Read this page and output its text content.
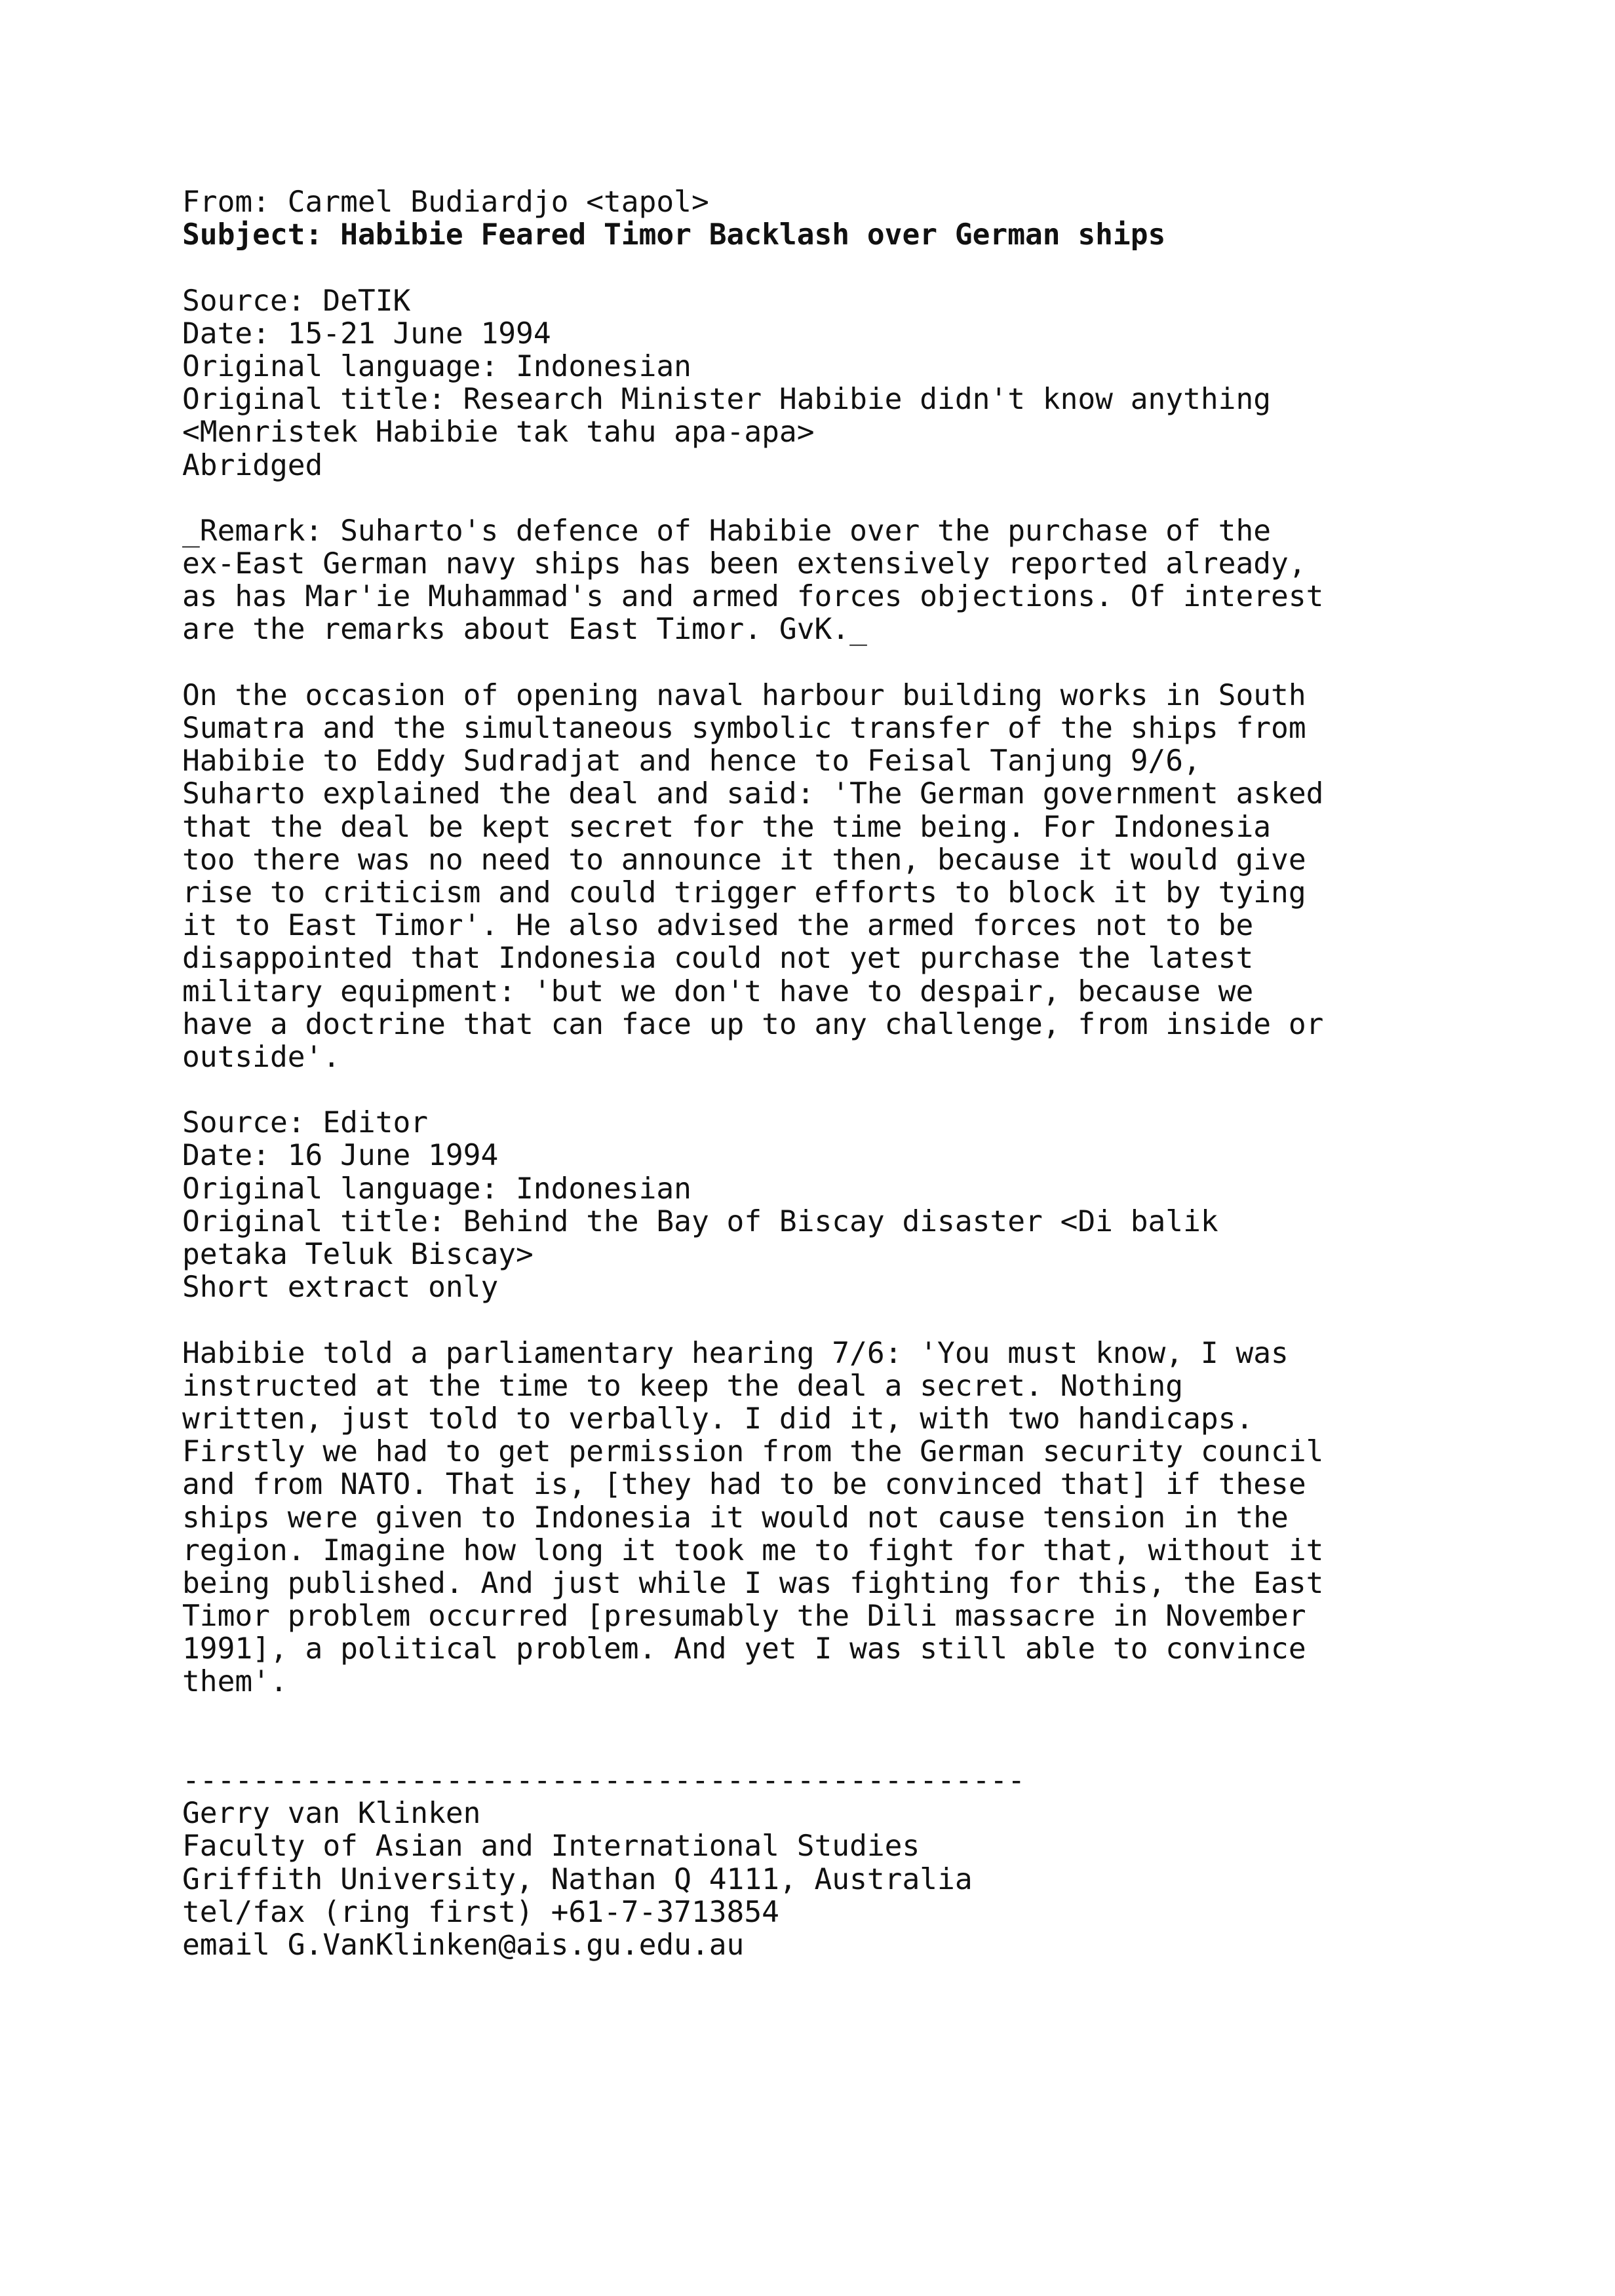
From: Carmel Budiardjo <tapol>
Subject: Habibie Feared Timor Backlash over German ships
Source: DeTIK
Date: 15-21 June 1994
Original language: Indonesian
Original title: Research Minister Habibie didn't know anything
<Menristek Habibie tak tahu apa-apa>
Abridged
_Remark: Suharto's defence of Habibie over the purchase of the
ex-East German navy ships has been extensively reported already,
as has Mar'ie Muhammad's and armed forces objections. Of interest
are the remarks about East Timor. GvK._
On the occasion of opening naval harbour building works in South
Sumatra and the simultaneous symbolic transfer of the ships from
Habibie to Eddy Sudradjat and hence to Feisal Tanjung 9/6,
Suharto explained the deal and said: 'The German government asked
that the deal be kept secret for the time being. For Indonesia
too there was no need to announce it then, because it would give
rise to criticism and could trigger efforts to block it by tying
it to East Timor'. He also advised the armed forces not to be
disappointed that Indonesia could not yet purchase the latest
military equipment: 'but we don't have to despair, because we
have a doctrine that can face up to any challenge, from inside or
outside'.
Source: Editor
Date: 16 June 1994
Original language: Indonesian
Original title: Behind the Bay of Biscay disaster <Di balik
petaka Teluk Biscay>
Short extract only
Habibie told a parliamentary hearing 7/6: 'You must know, I was
instructed at the time to keep the deal a secret. Nothing
written, just told to verbally. I did it, with two handicaps.
Firstly we had to get permission from the German security council
and from NATO. That is, [they had to be convinced that] if these
ships were given to Indonesia it would not cause tension in the
region. Imagine how long it took me to fight for that, without it
being published. And just while I was fighting for this, the East
Timor problem occurred [presumably the Dili massacre in November
1991], a political problem. And yet I was still able to convince
them'.
------------------------------------------------
Gerry van Klinken
Faculty of Asian and International Studies
Griffith University, Nathan Q 4111, Australia
tel/fax (ring first) +61-7-3713854
email G.VanKlinken@ais.gu.edu.au
